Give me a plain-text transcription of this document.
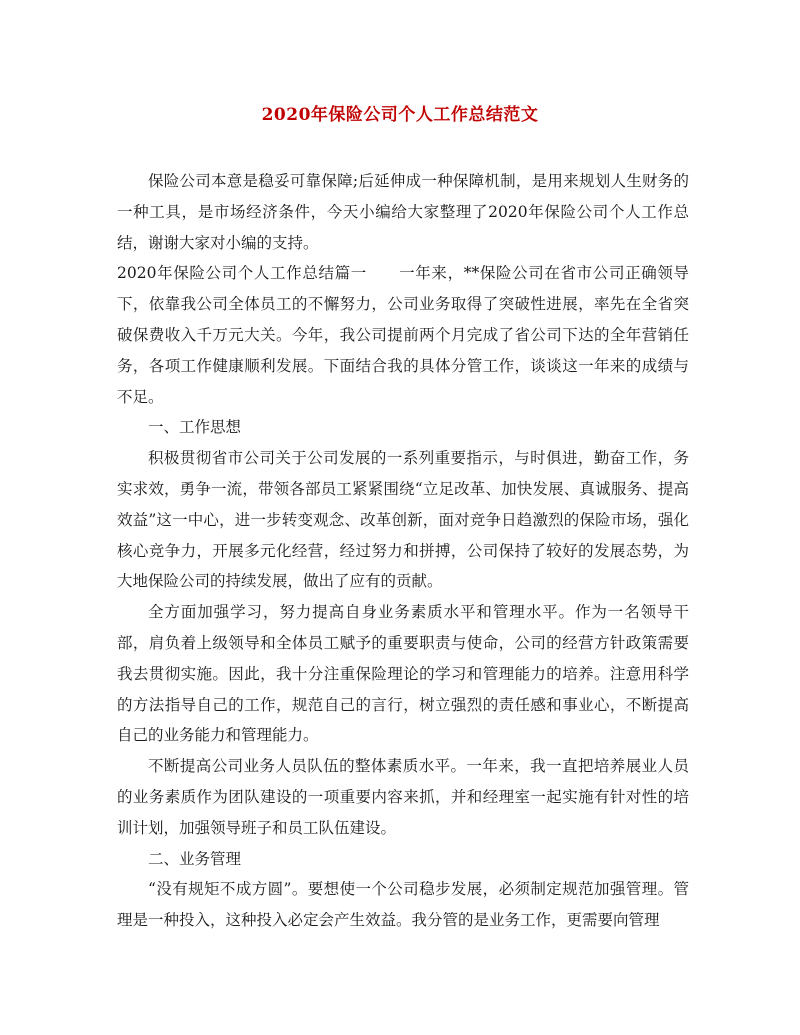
2020年保险公司个人工作总结范文

保险公司本意是稳妥可靠保障;后延伸成一种保障机制，是用来规划人生财务的一种工具，是市场经济条件，今天小编给大家整理了2020年保险公司个人工作总结，谢谢大家对小编的支持。

2020年保险公司个人工作总结篇一　　一年来，**保险公司在省市公司正确领导下，依靠我公司全体员工的不懈努力，公司业务取得了突破性进展，率先在全省突破保费收入千万元大关。今年，我公司提前两个月完成了省公司下达的全年营销任务，各项工作健康顺利发展。下面结合我的具体分管工作，谈谈这一年来的成绩与不足。

一、工作思想

积极贯彻省市公司关于公司发展的一系列重要指示，与时俱进，勤奋工作，务实求效，勇争一流，带领各部员工紧紧围绕“立足改革、加快发展、真诚服务、提高效益”这一中心，进一步转变观念、改革创新，面对竞争日趋激烈的保险市场，强化核心竞争力，开展多元化经营，经过努力和拼搏，公司保持了较好的发展态势，为大地保险公司的持续发展，做出了应有的贡献。

全方面加强学习，努力提高自身业务素质水平和管理水平。作为一名领导干部，肩负着上级领导和全体员工赋予的重要职责与使命，公司的经营方针政策需要我去贯彻实施。因此，我十分注重保险理论的学习和管理能力的培养。注意用科学的方法指导自己的工作，规范自己的言行，树立强烈的责任感和事业心，不断提高自己的业务能力和管理能力。

不断提高公司业务人员队伍的整体素质水平。一年来，我一直把培养展业人员的业务素质作为团队建设的一项重要内容来抓，并和经理室一起实施有针对性的培训计划，加强领导班子和员工队伍建设。

二、业务管理

“没有规矩不成方圆”。要想使一个公司稳步发展，必须制定规范加强管理。管理是一种投入，这种投入必定会产生效益。我分管的是业务工作，更需要向管理
